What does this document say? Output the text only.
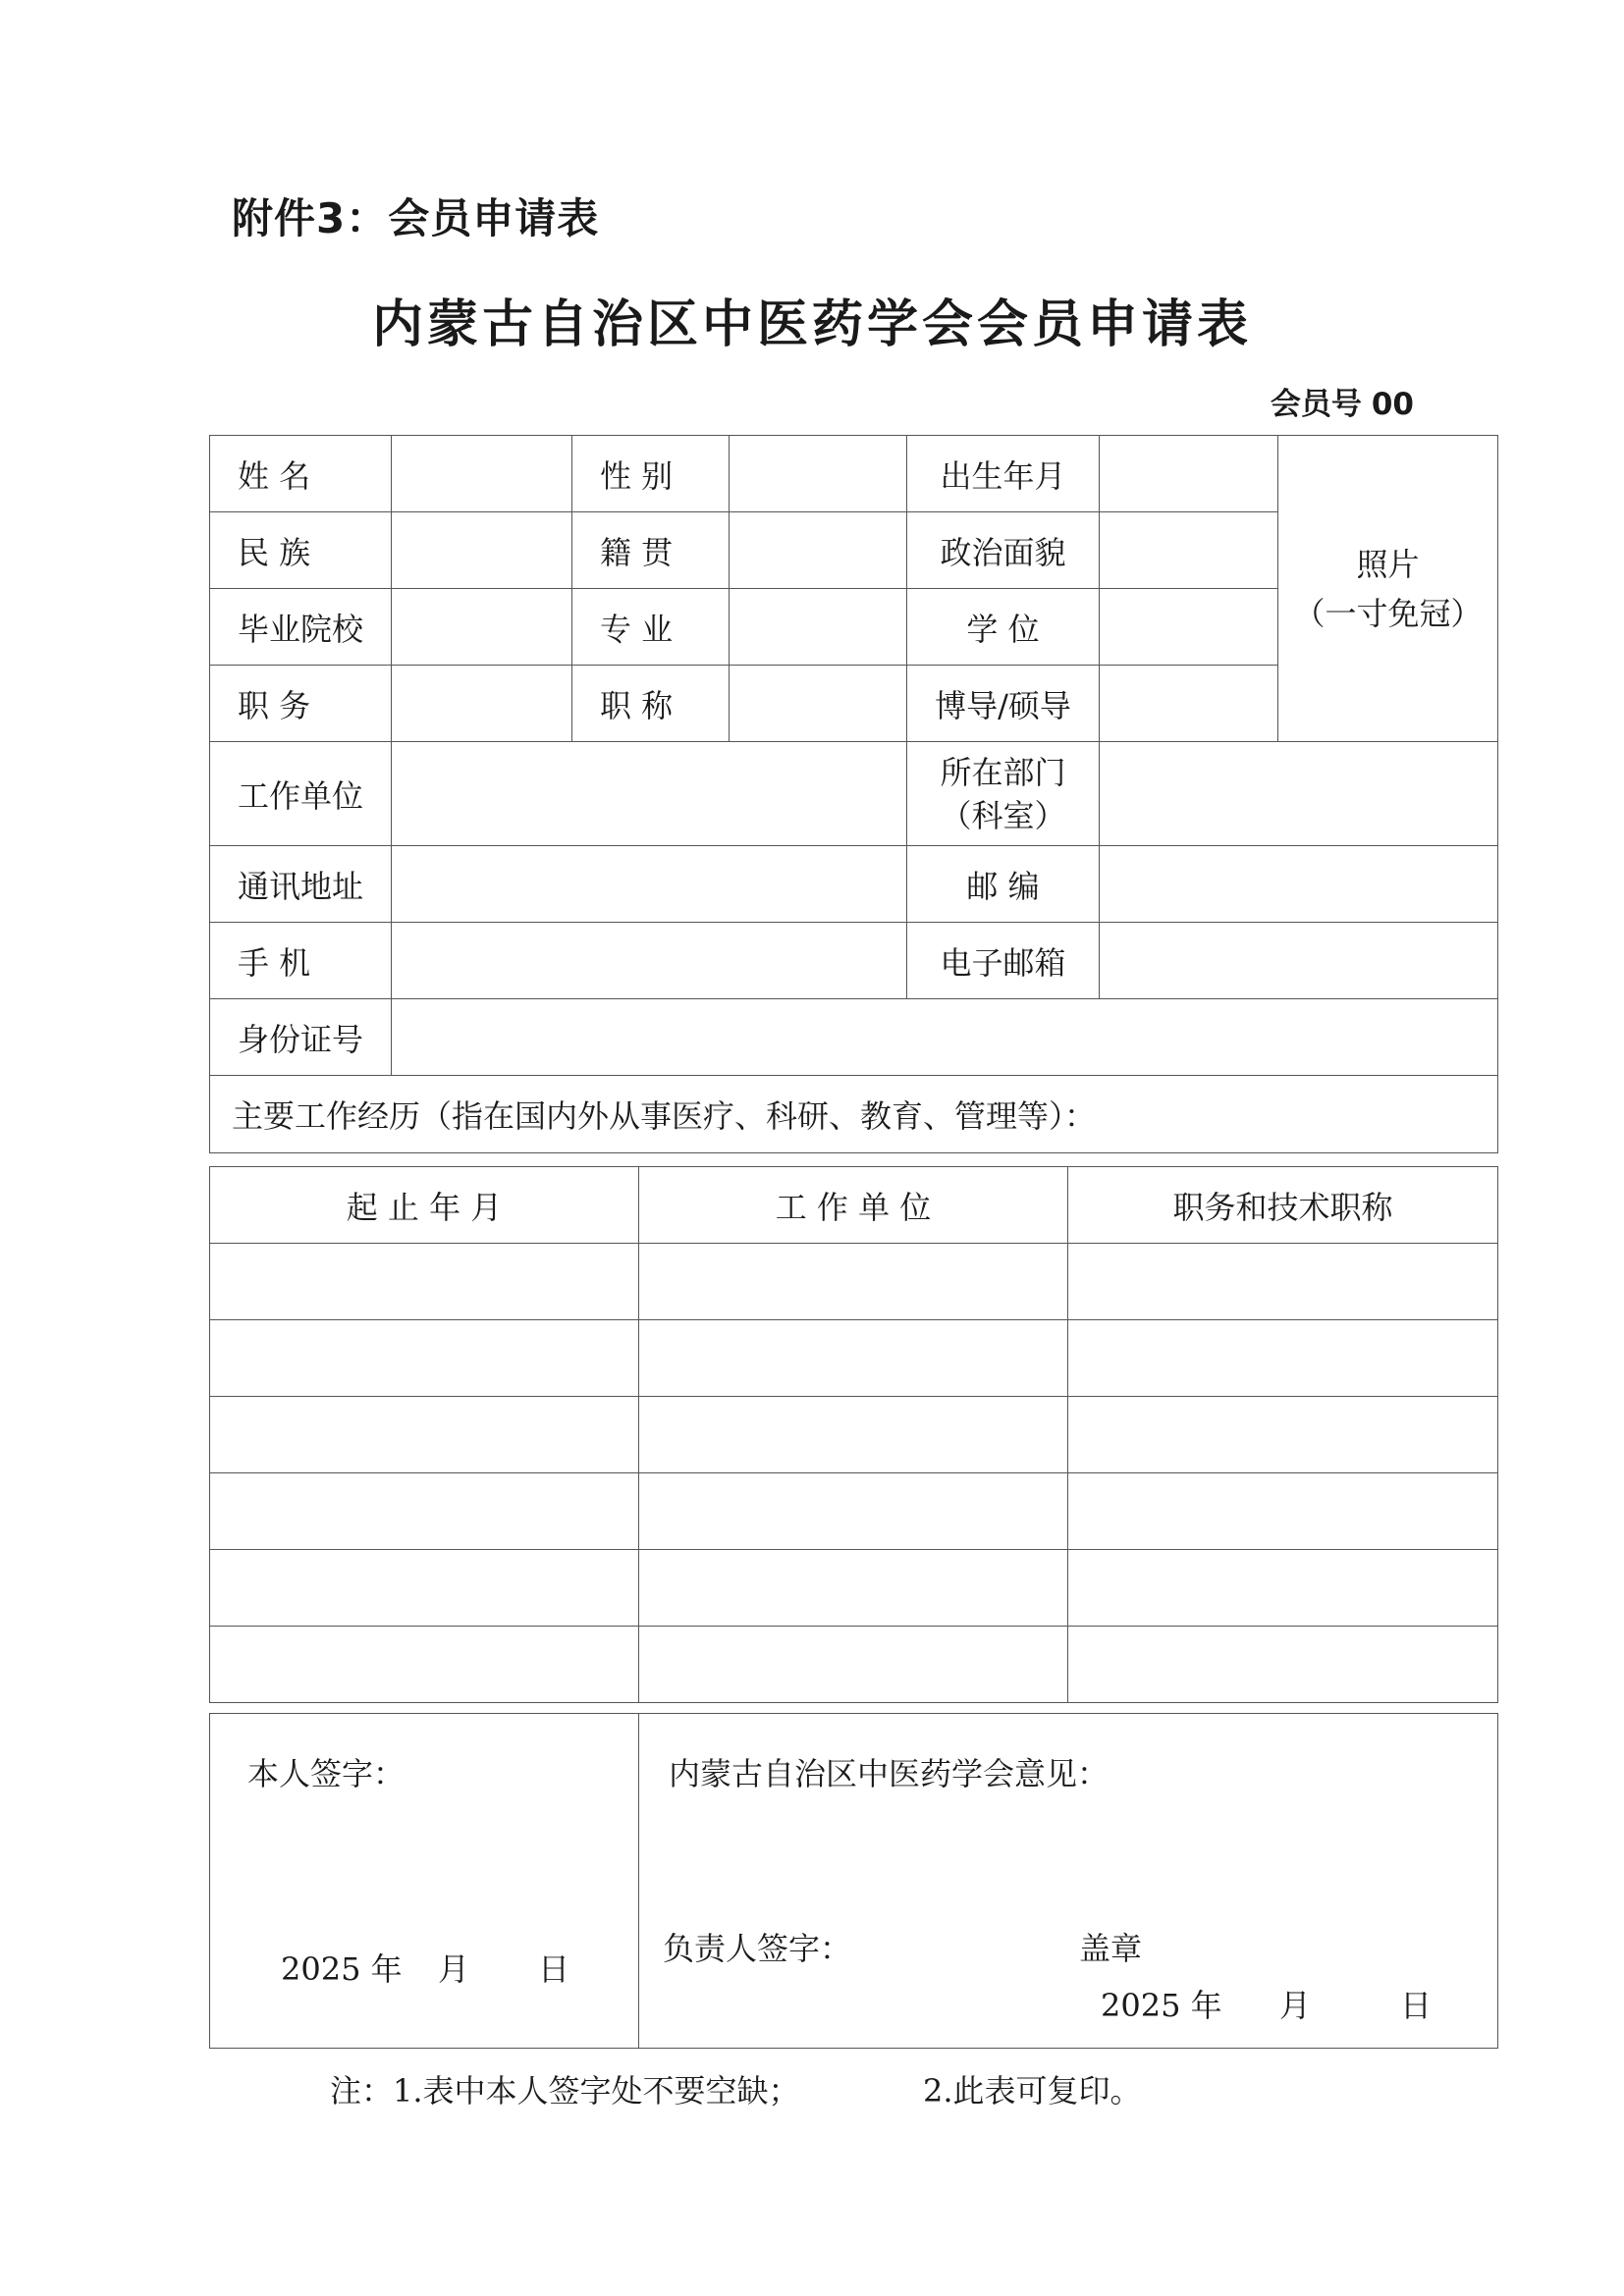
附件3：会员申请表
内蒙古自治区中医药学会会员申请表
会员号 00
姓 名		性 别		出生年月		照片
（一寸免冠）

民 族		籍 贯		政治面貌		
毕业院校		专 业		学 位		
职 务		职 称		博导/硕导		
工作单位				所在部门
（科室）		

通讯地址				邮 编		
手 机				电子邮箱		
身份证号						
主要工作经历（指在国内外从事医疗、科研、教育、管理等）：						
起 止 年 月	工 作 单 位	职务和技术职称

本人签字：
2025 年 月 日

内蒙古自治区中医药学会意见：
负责人签字：	盖章
2025 年 月	日
注：1.表中本人签字处不要空缺；	2.此表可复印。
